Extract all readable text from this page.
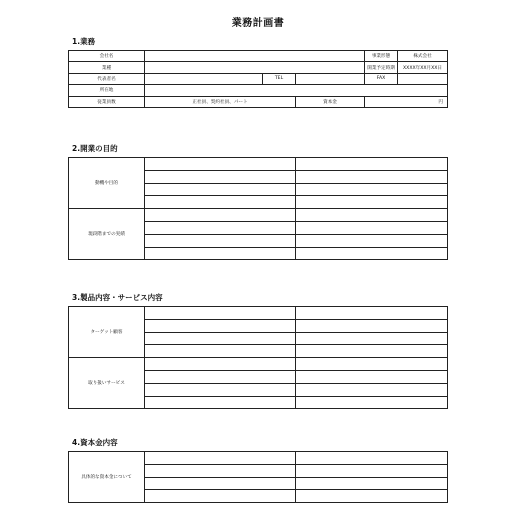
業務計画書
1.業務
会社名				事業形態	株式会社
業種				開業予定時期	XXXX年XX月XX日
代表者名		TEL		FAX	
所在地					
従業員数	正社員、契約社員、パート		資本金	円	
2.開業の目的
動機や目的		

現段階までの実績		

3.製品内容・サービス内容
ターゲット顧客		

取り扱いサービス		

4.資本金内容
具体的な資本金について		
